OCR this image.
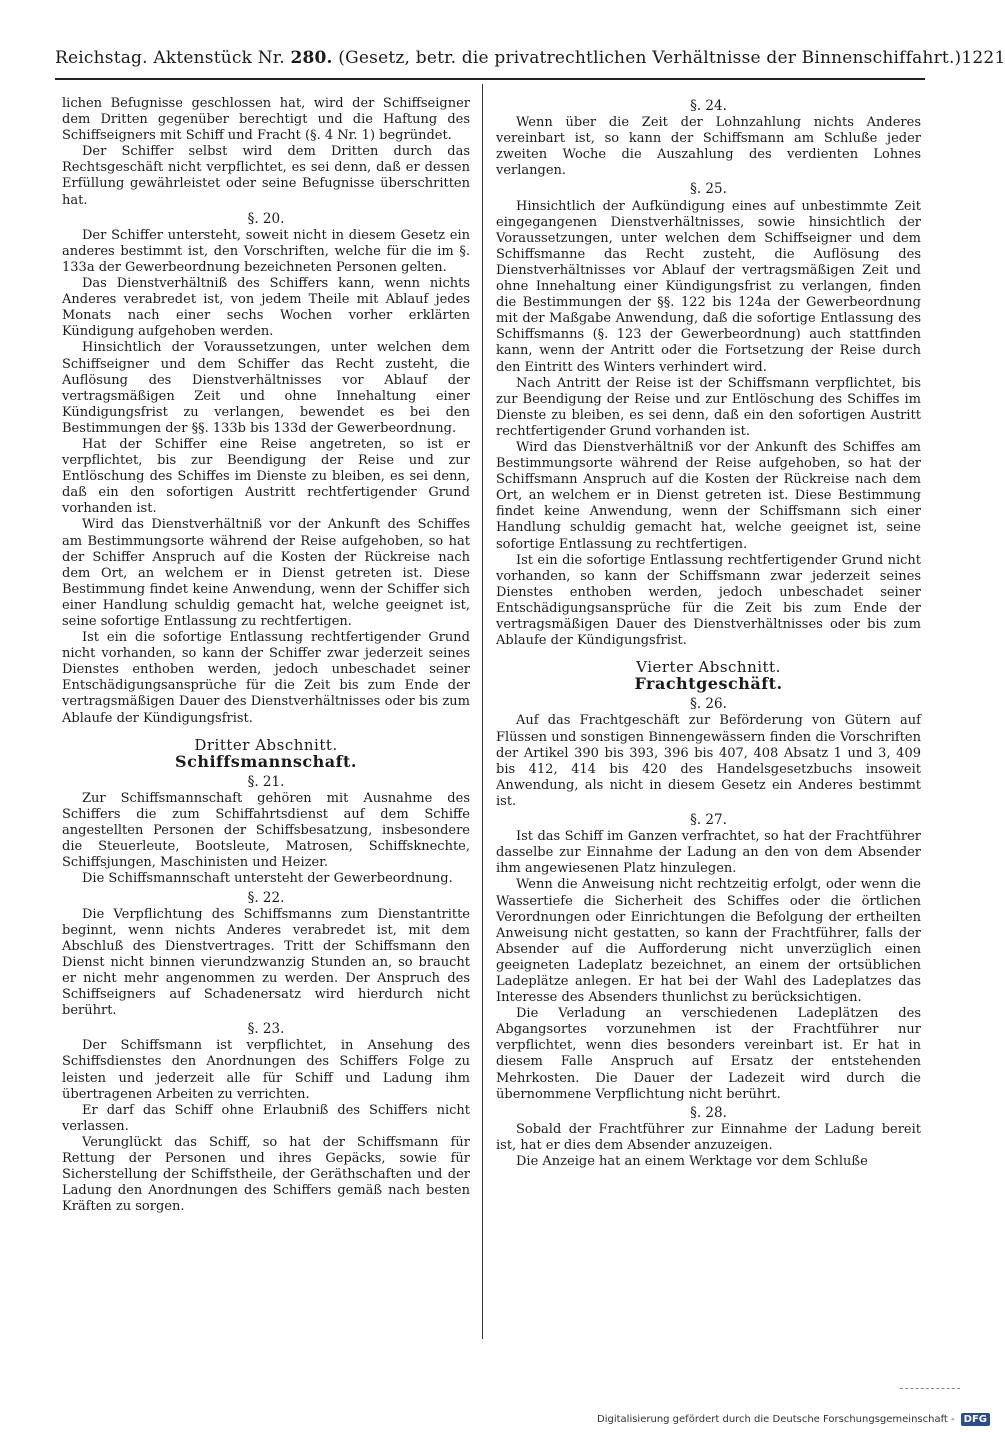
Reichstag. Aktenstück Nr. 280. (Gesetz, betr. die privatrechtlichen Verhältnisse der Binnenschiffahrt.) 1221

lichen Befugnisse geschlossen hat, wird der Schiffseigner dem Dritten gegenüber berechtigt und die Haftung des Schiffseigners mit Schiff und Fracht (§. 4 Nr. 1) begründet.

Der Schiffer selbst wird dem Dritten durch das Rechtsgeschäft nicht verpflichtet, es sei denn, daß er dessen Erfüllung gewährleistet oder seine Befugnisse überschritten hat.

§. 20.

Der Schiffer untersteht, soweit nicht in diesem Gesetz ein anderes bestimmt ist, den Vorschriften, welche für die im §. 133a der Gewerbeordnung bezeichneten Personen gelten.

Das Dienstverhältniß des Schiffers kann, wenn nichts Anderes verabredet ist, von jedem Theile mit Ablauf jedes Monats nach einer sechs Wochen vorher erklärten Kündigung aufgehoben werden.

Hinsichtlich der Voraussetzungen, unter welchen dem Schiffseigner und dem Schiffer das Recht zusteht, die Auflösung des Dienstverhältnisses vor Ablauf der vertragsmäßigen Zeit und ohne Innehaltung einer Kündigungsfrist zu verlangen, bewendet es bei den Bestimmungen der §§. 133b bis 133d der Gewerbeordnung.

Hat der Schiffer eine Reise angetreten, so ist er verpflichtet, bis zur Beendigung der Reise und zur Entlöschung des Schiffes im Dienste zu bleiben, es sei denn, daß ein den sofortigen Austritt rechtfertigender Grund vorhanden ist.

Wird das Dienstverhältniß vor der Ankunft des Schiffes am Bestimmungsorte während der Reise aufgehoben, so hat der Schiffer Anspruch auf die Kosten der Rückreise nach dem Ort, an welchem er in Dienst getreten ist. Diese Bestimmung findet keine Anwendung, wenn der Schiffer sich einer Handlung schuldig gemacht hat, welche geeignet ist, seine sofortige Entlassung zu rechtfertigen.

Ist ein die sofortige Entlassung rechtfertigender Grund nicht vorhanden, so kann der Schiffer zwar jederzeit seines Dienstes enthoben werden, jedoch unbeschadet seiner Entschädigungsansprüche für die Zeit bis zum Ende der vertragsmäßigen Dauer des Dienstverhältnisses oder bis zum Ablaufe der Kündigungsfrist.

Dritter Abschnitt.
Schiffsmannschaft.
§. 21.

Zur Schiffsmannschaft gehören mit Ausnahme des Schiffers die zum Schiffahrtsdienst auf dem Schiffe angestellten Personen der Schiffsbesatzung, insbesondere die Steuerleute, Bootsleute, Matrosen, Schiffsknechte, Schiffsjungen, Maschinisten und Heizer.

Die Schiffsmannschaft untersteht der Gewerbeordnung.

§. 22.

Die Verpflichtung des Schiffsmanns zum Dienstantritte beginnt, wenn nichts Anderes verabredet ist, mit dem Abschluß des Dienstvertrages. Tritt der Schiffsmann den Dienst nicht binnen vierundzwanzig Stunden an, so braucht er nicht mehr angenommen zu werden. Der Anspruch des Schiffseigners auf Schadenersatz wird hierdurch nicht berührt.

§. 23.

Der Schiffsmann ist verpflichtet, in Ansehung des Schiffsdienstes den Anordnungen des Schiffers Folge zu leisten und jederzeit alle für Schiff und Ladung ihm übertragenen Arbeiten zu verrichten.

Er darf das Schiff ohne Erlaubniß des Schiffers nicht verlassen.

Verunglückt das Schiff, so hat der Schiffsmann für Rettung der Personen und ihres Gepäcks, sowie für Sicherstellung der Schiffstheile, der Geräthschaften und der Ladung den Anordnungen des Schiffers gemäß nach besten Kräften zu sorgen.

§. 24.

Wenn über die Zeit der Lohnzahlung nichts Anderes vereinbart ist, so kann der Schiffsmann am Schluße jeder zweiten Woche die Auszahlung des verdienten Lohnes verlangen.

§. 25.

Hinsichtlich der Aufkündigung eines auf unbestimmte Zeit eingegangenen Dienstverhältnisses, sowie hinsichtlich der Voraussetzungen, unter welchen dem Schiffseigner und dem Schiffsmanne das Recht zusteht, die Auflösung des Dienstverhältnisses vor Ablauf der vertragsmäßigen Zeit und ohne Innehaltung einer Kündigungsfrist zu verlangen, finden die Bestimmungen der §§. 122 bis 124a der Gewerbeordnung mit der Maßgabe Anwendung, daß die sofortige Entlassung des Schiffsmanns (§. 123 der Gewerbeordnung) auch stattfinden kann, wenn der Antritt oder die Fortsetzung der Reise durch den Eintritt des Winters verhindert wird.

Nach Antritt der Reise ist der Schiffsmann verpflichtet, bis zur Beendigung der Reise und zur Entlöschung des Schiffes im Dienste zu bleiben, es sei denn, daß ein den sofortigen Austritt rechtfertigender Grund vorhanden ist.

Wird das Dienstverhältniß vor der Ankunft des Schiffes am Bestimmungsorte während der Reise aufgehoben, so hat der Schiffsmann Anspruch auf die Kosten der Rückreise nach dem Ort, an welchem er in Dienst getreten ist. Diese Bestimmung findet keine Anwendung, wenn der Schiffsmann sich einer Handlung schuldig gemacht hat, welche geeignet ist, seine sofortige Entlassung zu rechtfertigen.

Ist ein die sofortige Entlassung rechtfertigender Grund nicht vorhanden, so kann der Schiffsmann zwar jederzeit seines Dienstes enthoben werden, jedoch unbeschadet seiner Entschädigungsansprüche für die Zeit bis zum Ende der vertragsmäßigen Dauer des Dienstverhältnisses oder bis zum Ablaufe der Kündigungsfrist.

Vierter Abschnitt.
Frachtgeschäft.
§. 26.

Auf das Frachtgeschäft zur Beförderung von Gütern auf Flüssen und sonstigen Binnengewässern finden die Vorschriften der Artikel 390 bis 393, 396 bis 407, 408 Absatz 1 und 3, 409 bis 412, 414 bis 420 des Handelsgesetzbuchs insoweit Anwendung, als nicht in diesem Gesetz ein Anderes bestimmt ist.

§. 27.

Ist das Schiff im Ganzen verfrachtet, so hat der Frachtführer dasselbe zur Einnahme der Ladung an den von dem Absender ihm angewiesenen Platz hinzulegen.

Wenn die Anweisung nicht rechtzeitig erfolgt, oder wenn die Wassertiefe die Sicherheit des Schiffes oder die örtlichen Verordnungen oder Einrichtungen die Befolgung der ertheilten Anweisung nicht gestatten, so kann der Frachtführer, falls der Absender auf die Aufforderung nicht unverzüglich einen geeigneten Ladeplatz bezeichnet, an einem der ortsüblichen Ladeplätze anlegen. Er hat bei der Wahl des Ladeplatzes das Interesse des Absenders thunlichst zu berücksichtigen.

Die Verladung an verschiedenen Ladeplätzen des Abgangsortes vorzunehmen ist der Frachtführer nur verpflichtet, wenn dies besonders vereinbart ist. Er hat in diesem Falle Anspruch auf Ersatz der entstehenden Mehrkosten. Die Dauer der Ladezeit wird durch die übernommene Verpflichtung nicht berührt.

§. 28.

Sobald der Frachtführer zur Einnahme der Ladung bereit ist, hat er dies dem Absender anzuzeigen.

Die Anzeige hat an einem Werktage vor dem Schluße

Digitalisierung gefördert durch die Deutsche Forschungsgemeinschaft - DFG
